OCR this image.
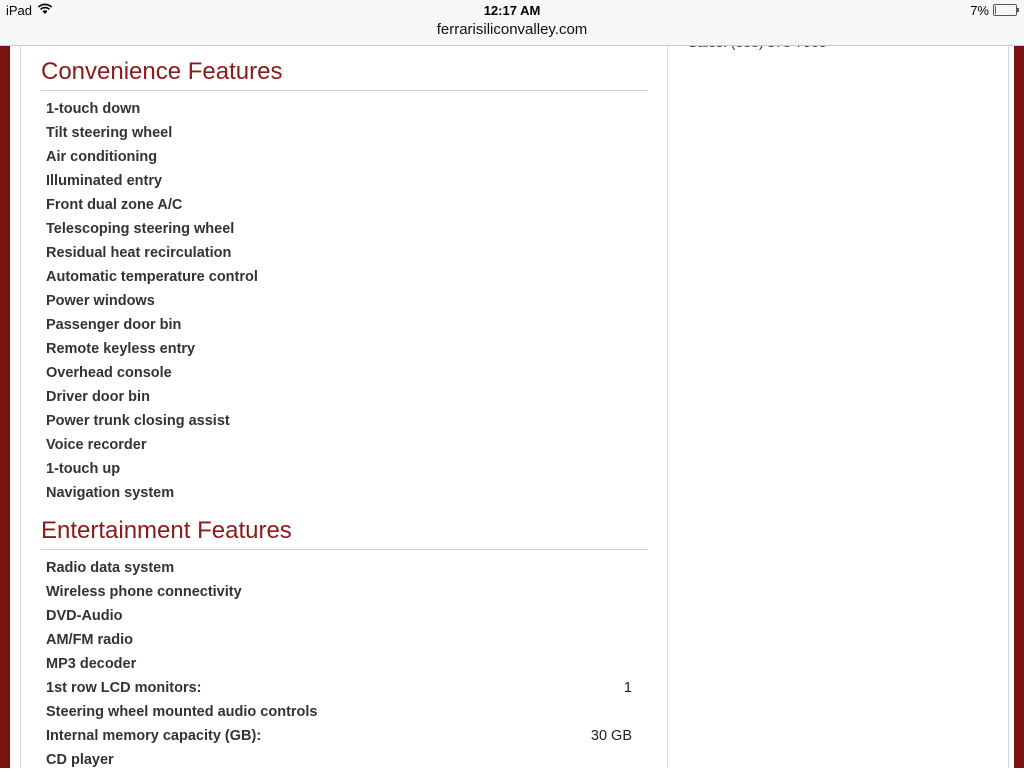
Convenience Features
1-touch down
Tilt steering wheel
Air conditioning
Illuminated entry
Front dual zone A/C
Telescoping steering wheel
Residual heat recirculation
Automatic temperature control
Power windows
Passenger door bin
Remote keyless entry
Overhead console
Driver door bin
Power trunk closing assist
Voice recorder
1-touch up
Navigation system
Entertainment Features
Radio data system
Wireless phone connectivity
DVD-Audio
AM/FM radio
MP3 decoder
1st row LCD monitors:	1
Steering wheel mounted audio controls
Internal memory capacity (GB):	30 GB
CD player
iPad	12:17 AM	7%
ferrarisiliconvalley.com
